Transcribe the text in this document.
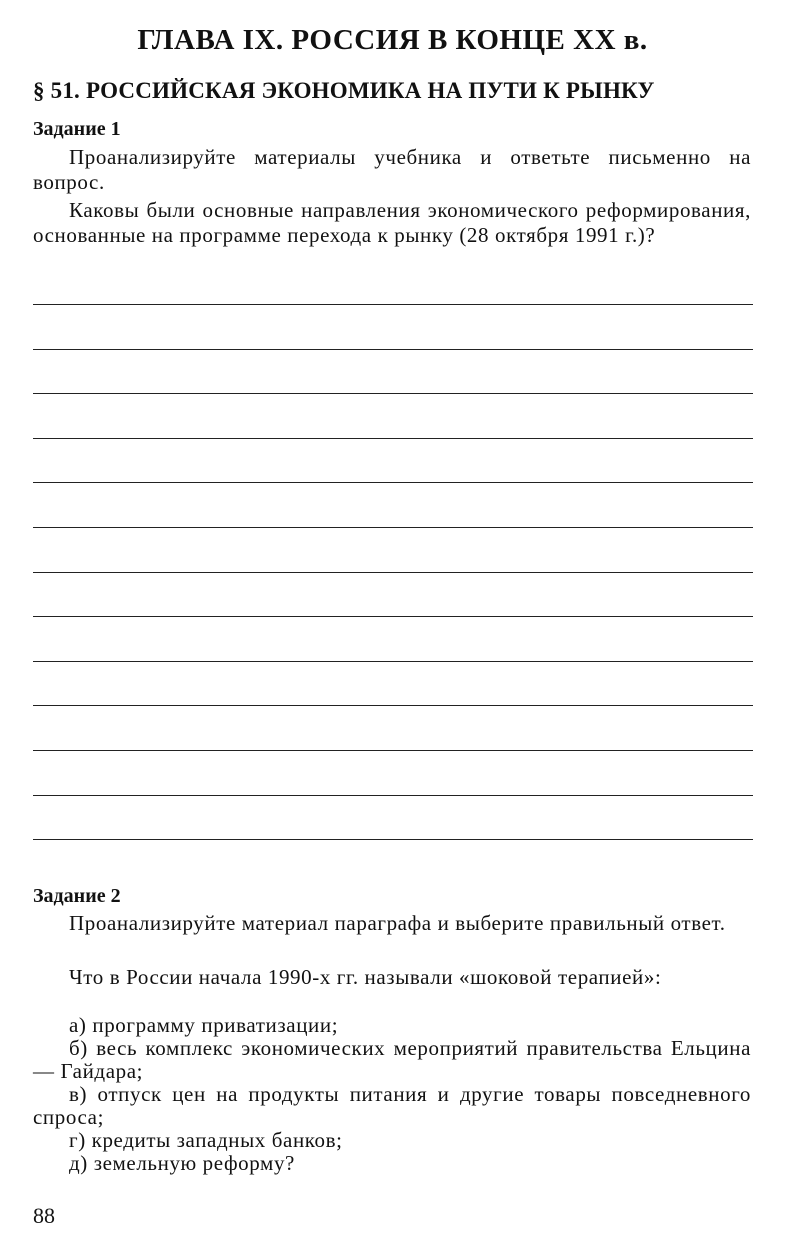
ГЛАВА IX. РОССИЯ В КОНЦЕ XX в.
§ 51. РОССИЙСКАЯ ЭКОНОМИКА НА ПУТИ К РЫНКУ
Задание 1

Проанализируйте материалы учебника и ответьте письменно на вопрос.

Каковы были основные направления экономического реформирования, основанные на программе перехода к рынку (28 октября 1991 г.)?

Задание 2

Проанализируйте материал параграфа и выберите правильный ответ.

Что в России начала 1990-х гг. называли «шоковой терапией»:

а) программу приватизации;
б) весь комплекс экономических мероприятий правительства Ельцина — Гайдара;
в) отпуск цен на продукты питания и другие товары повседневного спроса;
г) кредиты западных банков;
д) земельную реформу?
88
